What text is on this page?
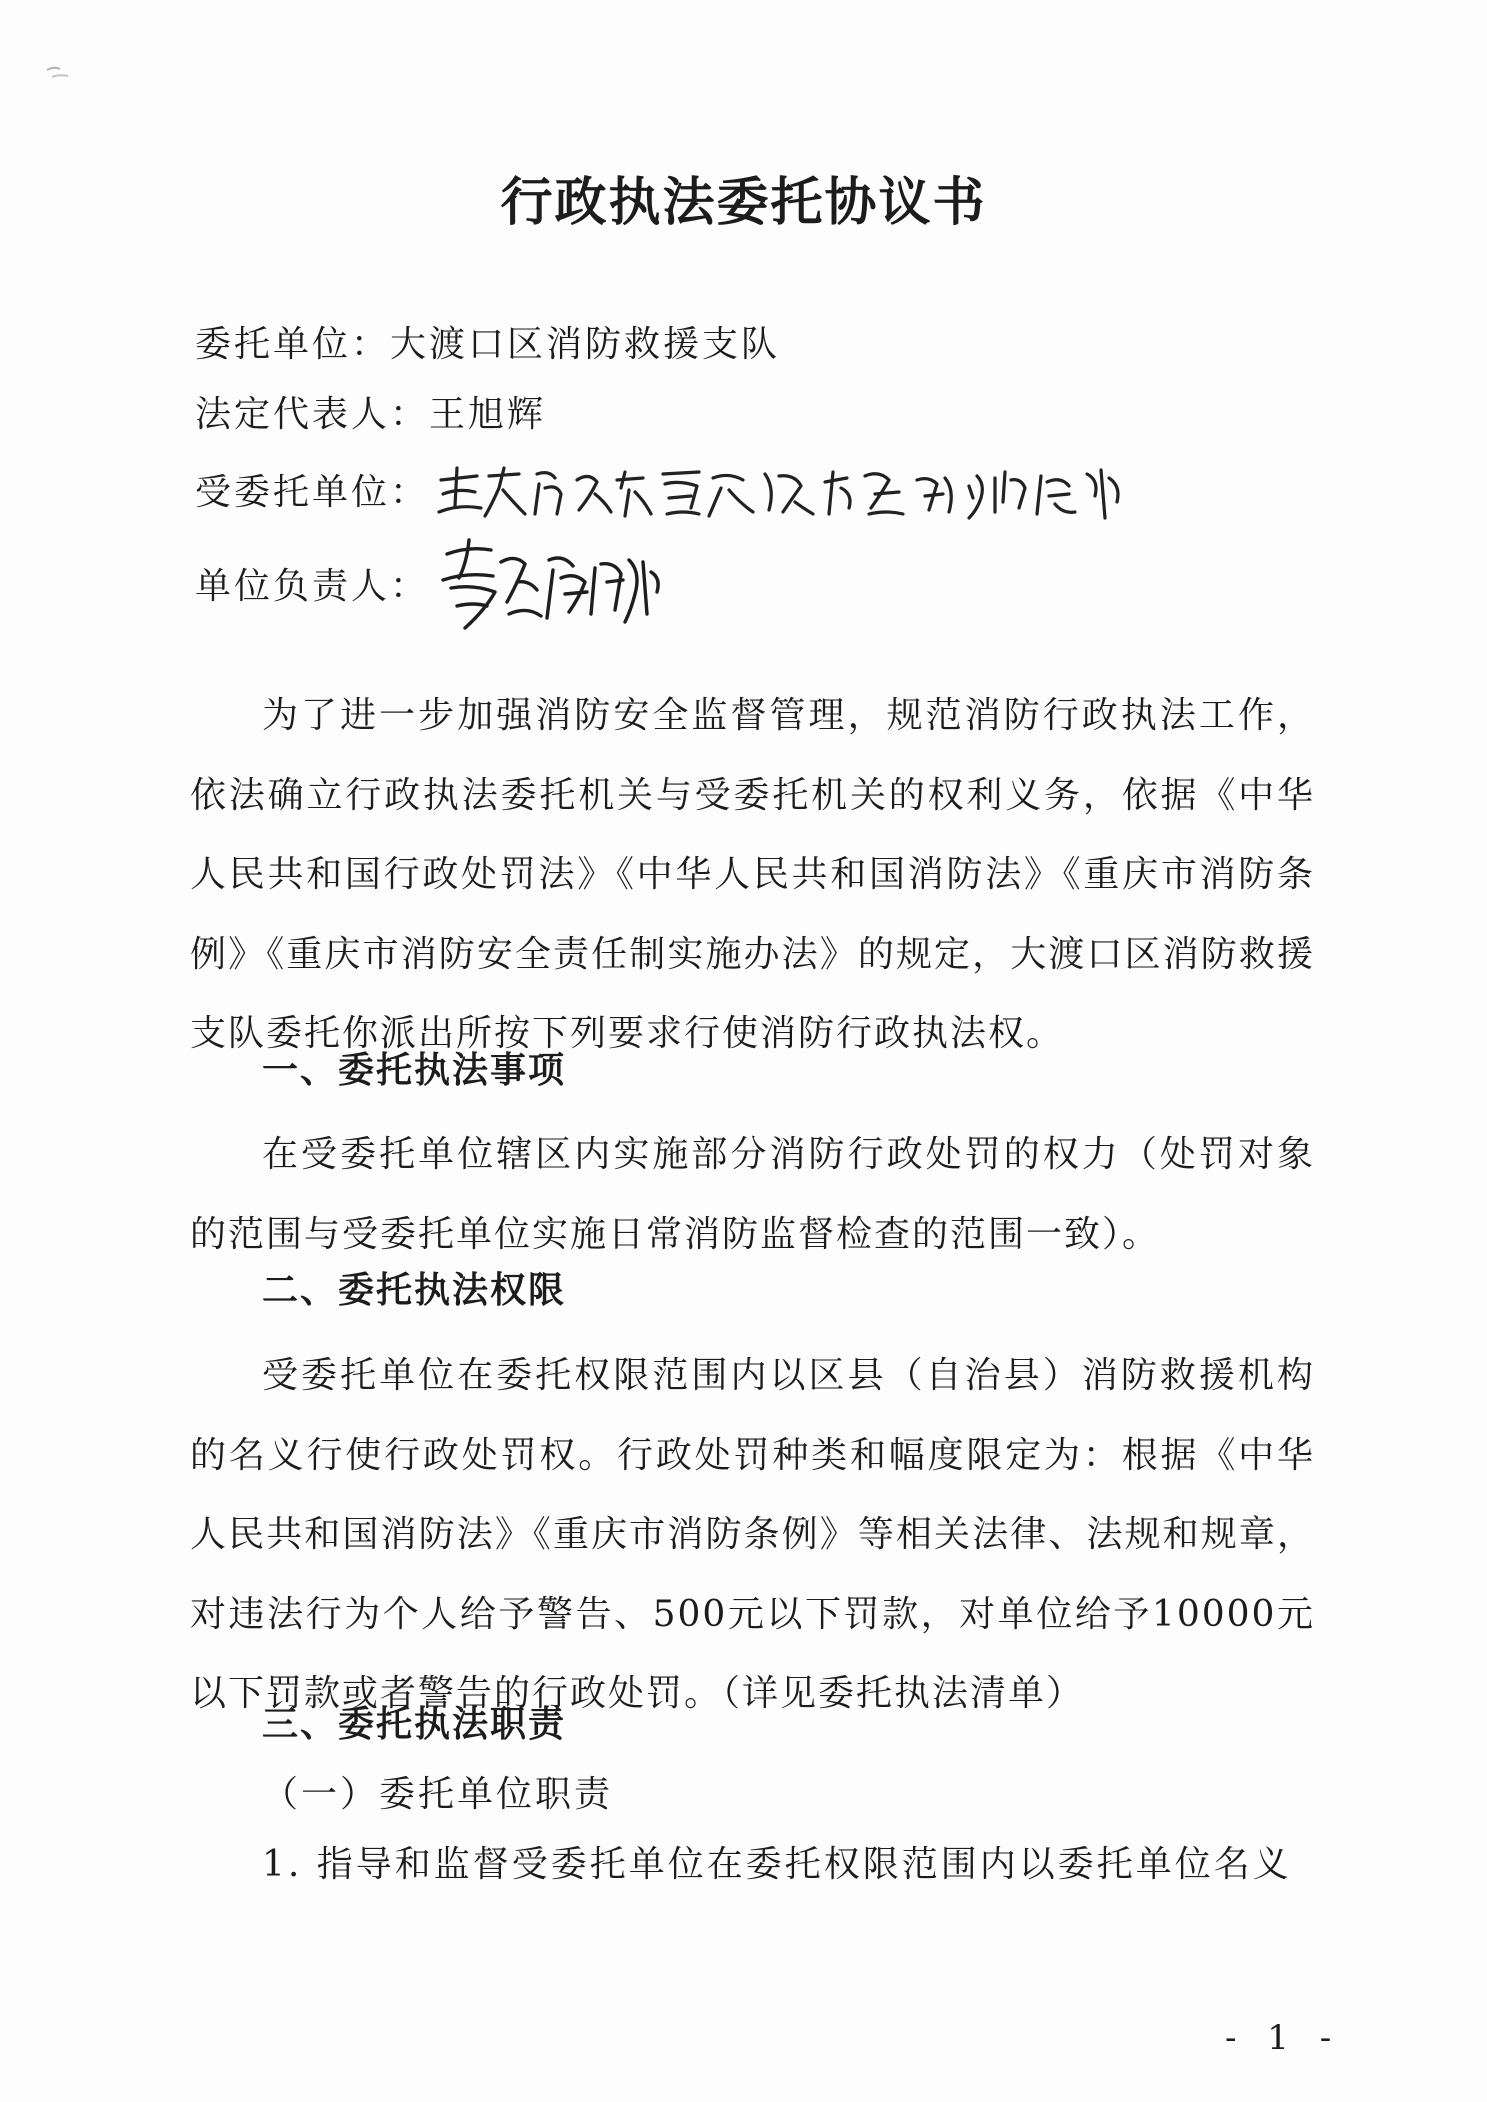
行政执法委托协议书
委托单位：大渡口区消防救援支队
法定代表人：王旭辉
受委托单位：
单位负责人：

为了进一步加强消防安全监督管理，规范消防行政执法工作，依法确立行政执法委托机关与受委托机关的权利义务，依据《中华人民共和国行政处罚法》《中华人民共和国消防法》《重庆市消防条例》《重庆市消防安全责任制实施办法》的规定，大渡口区消防救援支队委托你派出所按下列要求行使消防行政执法权。

一、委托执法事项

在受委托单位辖区内实施部分消防行政处罚的权力（处罚对象的范围与受委托单位实施日常消防监督检查的范围一致）。

二、委托执法权限

受委托单位在委托权限范围内以区县（自治县）消防救援机构的名义行使行政处罚权。行政处罚种类和幅度限定为：根据《中华人民共和国消防法》《重庆市消防条例》等相关法律、法规和规章，对违法行为个人给予警告、500元以下罚款，对单位给予10000元以下罚款或者警告的行政处罚。（详见委托执法清单）

三、委托执法职责
（一）委托单位职责
1. 指导和监督受委托单位在委托权限范围内以委托单位名义
- 1 -
